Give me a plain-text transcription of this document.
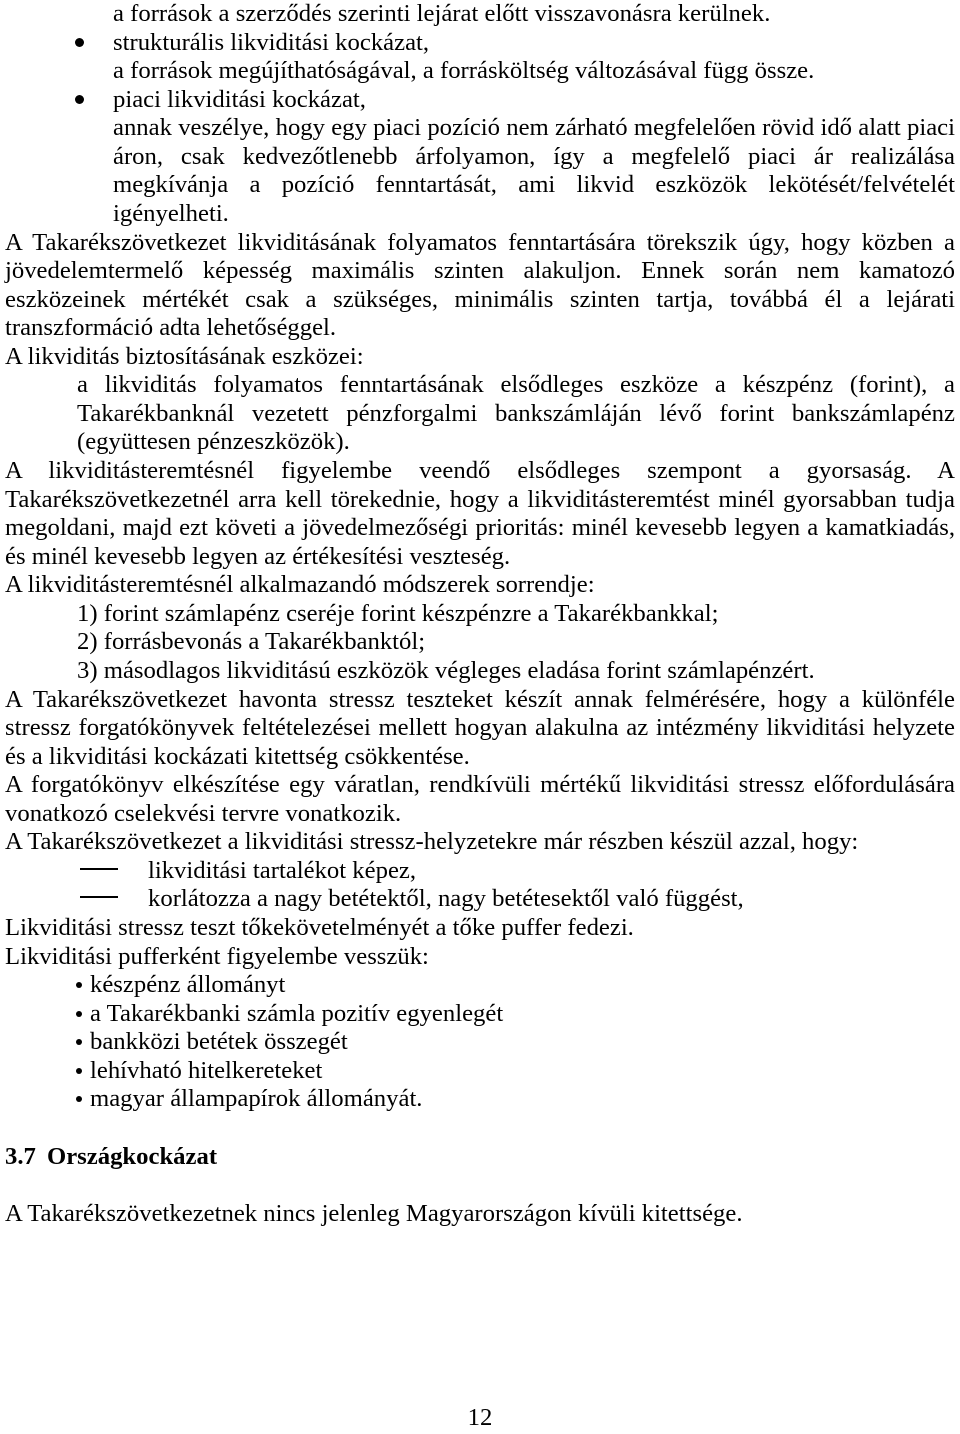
a források a szerződés szerinti lejárat előtt visszavonásra kerülnek.
strukturális likviditási kockázat,
a források megújíthatóságával, a forrásköltség változásával függ össze.
piaci likviditási kockázat,
annak veszélye, hogy egy piaci pozíció nem zárható megfelelően rövid idő alatt piaci
áron, csak kedvezőtlenebb árfolyamon, így a megfelelő piaci ár realizálása
megkívánja a pozíció fenntartását, ami likvid eszközök lekötését/felvételét
igényelheti.
A Takarékszövetkezet likviditásának folyamatos fenntartására törekszik úgy, hogy közben a
jövedelemtermelő képesség maximális szinten alakuljon. Ennek során nem kamatozó
eszközeinek mértékét csak a szükséges, minimális szinten tartja, továbbá él a lejárati
transzformáció adta lehetőséggel.
A likviditás biztosításának eszközei:
a likviditás folyamatos fenntartásának elsődleges eszköze a készpénz (forint), a
Takarékbanknál vezetett pénzforgalmi bankszámláján lévő forint bankszámlapénz
(együttesen pénzeszközök).
A likviditásteremtésnél figyelembe veendő elsődleges szempont a gyorsaság. A
Takarékszövetkezetnél arra kell törekednie, hogy a likviditásteremtést minél gyorsabban tudja
megoldani, majd ezt követi a jövedelmezőségi prioritás: minél kevesebb legyen a kamatkiadás,
és minél kevesebb legyen az értékesítési veszteség.
A likviditásteremtésnél alkalmazandó módszerek sorrendje:
1) forint számlapénz cseréje forint készpénzre a Takarékbankkal;
2) forrásbevonás a Takarékbanktól;
3) másodlagos likviditású eszközök végleges eladása forint számlapénzért.
A Takarékszövetkezet havonta stressz teszteket készít annak felmérésére, hogy a különféle
stressz forgatókönyvek feltételezései mellett hogyan alakulna az intézmény likviditási helyzete
és a likviditási kockázati kitettség csökkentése.
A forgatókönyv elkészítése egy váratlan, rendkívüli mértékű likviditási stressz előfordulására
vonatkozó cselekvési tervre vonatkozik.
A Takarékszövetkezet a likviditási stressz-helyzetekre már részben készül azzal, hogy:
likviditási tartalékot képez,
korlátozza a nagy betétektől, nagy betétesektől való függést,
Likviditási stressz teszt tőkekövetelményét a tőke puffer fedezi.
Likviditási pufferként figyelembe vesszük:
készpénz állományt
a Takarékbanki számla pozitív egyenlegét
bankközi betétek összegét
lehívható hitelkereteket
magyar állampapírok állományát.
3.7 Országkockázat
A Takarékszövetkezetnek nincs jelenleg Magyarországon kívüli kitettsége.
12
